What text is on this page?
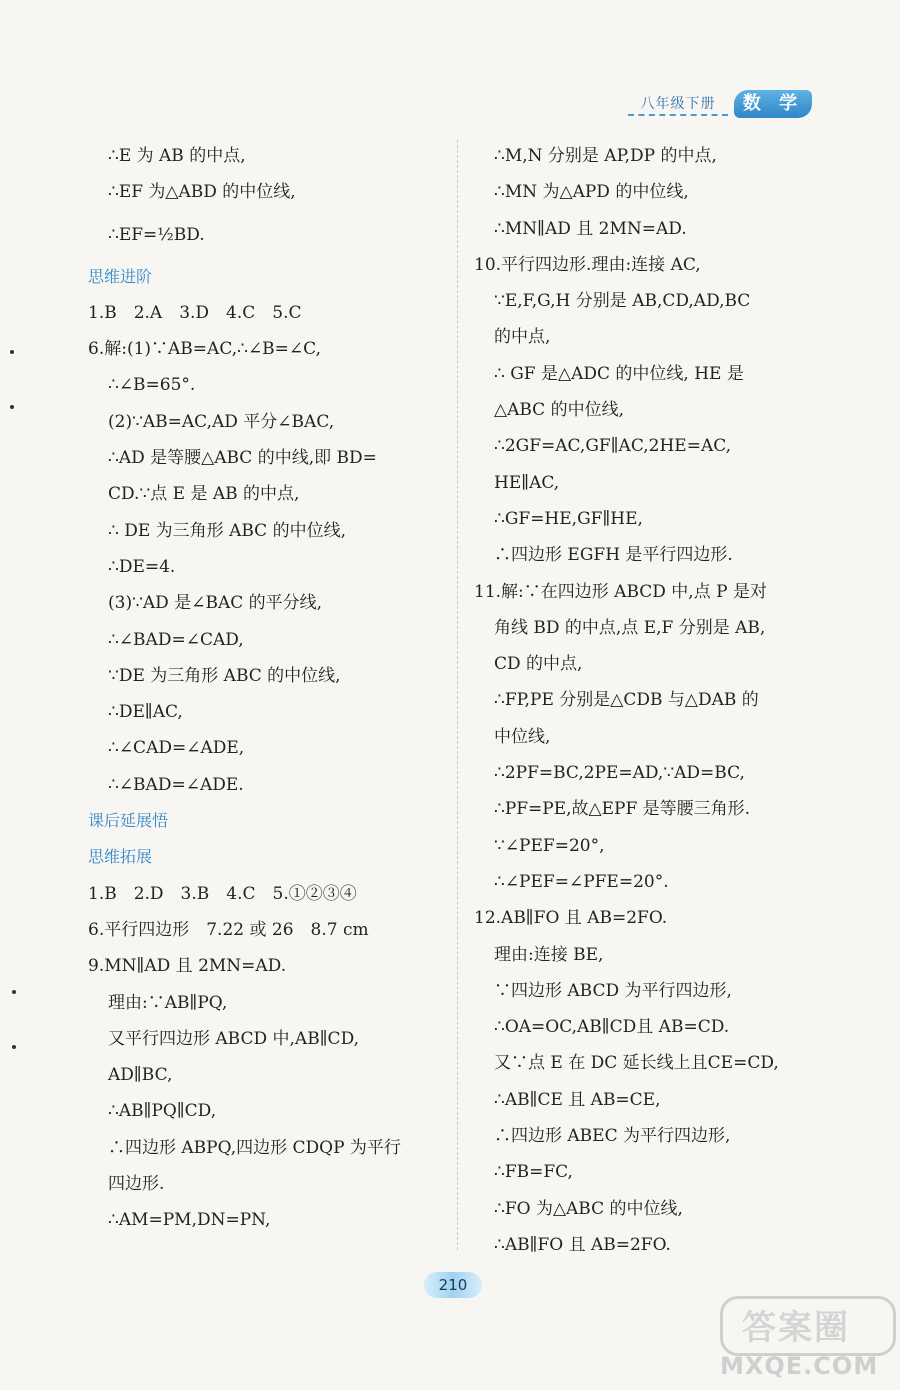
八年级下册	数 学
∴E 为 AB 的中点,
∴EF 为△ABD 的中位线,
∴EF=½BD.
思维进阶
1.B　2.A　3.D　4.C　5.C
6.解:(1)∵AB=AC,∴∠B=∠C,
∴∠B=65°.
(2)∵AB=AC,AD 平分∠BAC,
∴AD 是等腰△ABC 的中线,即 BD=
CD.∵点 E 是 AB 的中点,
∴ DE 为三角形 ABC 的中位线,
∴DE=4.
(3)∵AD 是∠BAC 的平分线,
∴∠BAD=∠CAD,
∵DE 为三角形 ABC 的中位线,
∴DE∥AC,
∴∠CAD=∠ADE,
∴∠BAD=∠ADE.
课后延展悟
思维拓展
1.B　2.D　3.B　4.C　5.①②③④
6.平行四边形　7.22 或 26　8.7 cm
9.MN∥AD 且 2MN=AD.
理由:∵AB∥PQ,
又平行四边形 ABCD 中,AB∥CD,
AD∥BC,
∴AB∥PQ∥CD,
∴四边形 ABPQ,四边形 CDQP 为平行
四边形.
∴AM=PM,DN=PN,
∴M,N 分别是 AP,DP 的中点,
∴MN 为△APD 的中位线,
∴MN∥AD 且 2MN=AD.
10.平行四边形.理由:连接 AC,
∵E,F,G,H 分别是 AB,CD,AD,BC
的中点,
∴ GF 是△ADC 的中位线, HE 是
△ABC 的中位线,
∴2GF=AC,GF∥AC,2HE=AC,
HE∥AC,
∴GF=HE,GF∥HE,
∴四边形 EGFH 是平行四边形.
11.解:∵在四边形 ABCD 中,点 P 是对
角线 BD 的中点,点 E,F 分别是 AB,
CD 的中点,
∴FP,PE 分别是△CDB 与△DAB 的
中位线,
∴2PF=BC,2PE=AD,∵AD=BC,
∴PF=PE,故△EPF 是等腰三角形.
∵∠PEF=20°,
∴∠PEF=∠PFE=20°.
12.AB∥FO 且 AB=2FO.
理由:连接 BE,
∵四边形 ABCD 为平行四边形,
∴OA=OC,AB∥CD且 AB=CD.
又∵点 E 在 DC 延长线上且CE=CD,
∴AB∥CE 且 AB=CE,
∴四边形 ABEC 为平行四边形,
∴FB=FC,
∴FO 为△ABC 的中位线,
∴AB∥FO 且 AB=2FO.
210
答案圈
MXQE.COM
